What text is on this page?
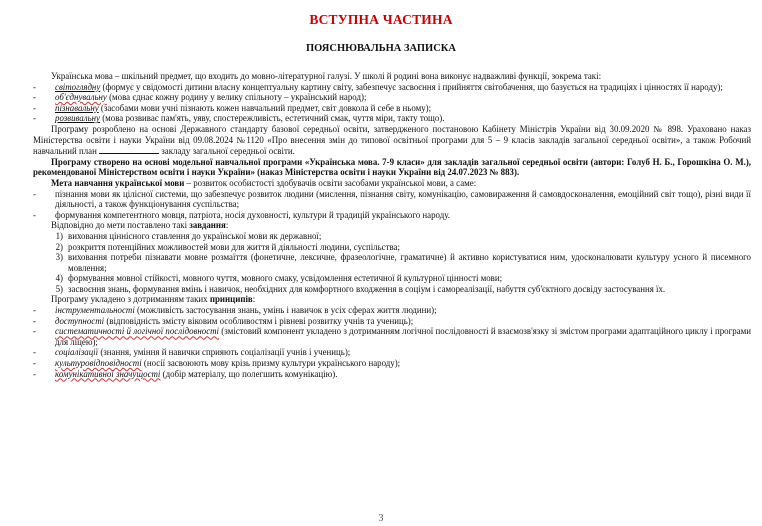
ВСТУПНА ЧАСТИНА
ПОЯСНЮВАЛЬНА ЗАПИСКА

Українська мова – шкільний предмет, що входить до мовно-літературної галузі. У школі й родині вона виконує надважливі функції, зокрема такі:

-	світоглядну (формує у свідомості дитини власну концептуальну картину світу, забезпечує засвоєння і прийняття світобачення, що базується на традиціях і цінностях її народу);
-	об'єднувальну (мова єднає кожну родину у велику спільноту – український народ);
-	пізнавальну (засобами мови учні пізнають кожен навчальний предмет, світ довкола й себе в ньому);
-	розвивальну (мова розвиває пам'ять, уяву, спостережливість, естетичний смак, чуття міри, такту тощо).

Програму розроблено на основі Державного стандарту базової середньої освіти, затвердженого постановою Кабінету Міністрів України від 30.09.2020 № 898. Ураховано наказ Міністерства освіти і науки України від 09.08.2024 №1120 «Про внесення змін до типової освітньої програми для 5 – 9 класів закладів загальної середньої освіти», а також Робочий навчальний план	закладу загальної середньої освіти.

Програму створено на основі модельної навчальної програми «Українська мова. 7-9 класи» для закладів загальної середньої освіти (автори: Голуб Н. Б., Горошкіна О. М.), рекомендованої Міністерством освіти і науки України» (наказ Міністерства освіти і науки України від 24.07.2023 № 883).

Мета навчання української мови – розвиток особистості здобувачів освіти засобами української мови, а саме:

-	пізнання мови як цілісної системи, що забезпечує розвиток людини (мислення, пізнання світу, комунікацію, самовираження й самовдосконалення, емоційний світ тощо), різні види її діяльності, а також функціонування суспільства;
-	формування компетентного мовця, патріота, носія духовності, культури й традицій українського народу.

Відповідно до мети поставлено такі завдання:

1) виховання ціннісного ставлення до української мови як державної;
2) розкриття потенційних можливостей мови для життя й діяльності людини, суспільства;
3) виховання потреби пізнавати мовне розмаїття (фонетичне, лексичне, фразеологічне, граматичне) й активно користуватися ним, удосконалювати культуру усного й писемного мовлення;
4) формування мовної стійкості, мовного чуття, мовного смаку, усвідомлення естетичної й культурної цінності мови;
5) засвоєння знань, формування вмінь і навичок, необхідних для комфортного входження в соціум і самореалізації, набуття суб'єктного досвіду застосування їх.

Програму укладено з дотриманням таких принципів:

-	інструментальності (можливість застосування знань, умінь і навичок в усіх сферах життя людини);
-	доступності (відповідність змісту віковим особливостям і рівневі розвитку учнів та учениць);
-	систематичності й логічної послідовності (змістовий компонент укладено з дотриманням логічної послідовності й взаємозв'язку зі змістом програми адаптаційного циклу і програми для ліцею);
-	соціалізації (знання, уміння й навички сприяють соціалізації учнів і учениць);
-	культуровідповідності (носії засвоюють мову крізь призму культури українського народу);
-	комунікативної значущості (добір матеріалу, що полегшить комунікацію).
3
